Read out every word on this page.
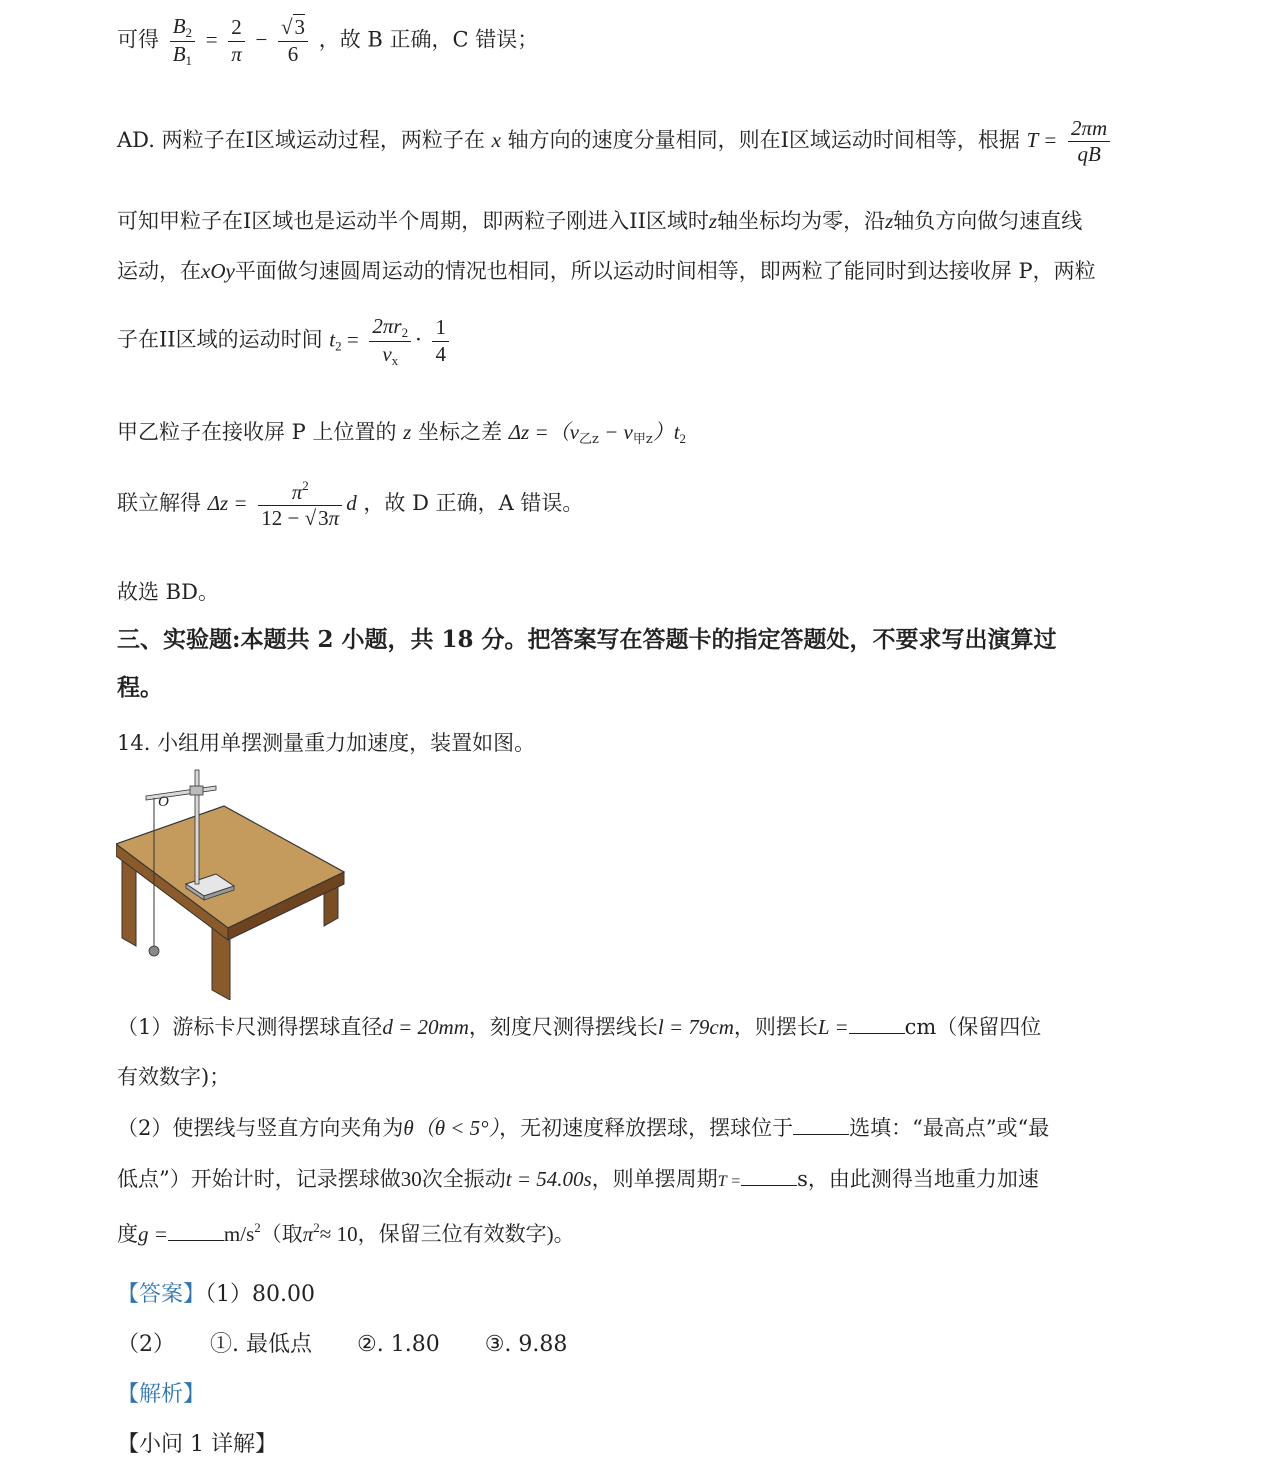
可得 $\frac{B_2}{B_1} = \frac{2}{\pi} - \frac{√3}{6}$ ，故 B 正确，C 错误；
AD. 两粒子在I区域运动过程，两粒子在 x 轴方向的速度分量相同，则在I区域运动时间相等，根据 $T = \frac{2\pi m}{qB}$
可知甲粒子在I区域也是运动半个周期，即两粒子刚进入II区域时z轴坐标均为零，沿z轴负方向做匀速直线
运动，在xOy平面做匀速圆周运动的情况也相同，所以运动时间相等，即两粒了能同时到达接收屏 P，两粒
子在II区域的运动时间 $t_2 = \frac{2\pi r_2}{v_x} \cdot \frac{1}{4}$
甲乙粒子在接收屏 P 上位置的 z 坐标之差 $\Delta z =(v_{乙z} - v_{甲z})t_2$
联立解得 $\Delta z = \frac{\pi^2}{12 - √3\pi}$ d ，故 D 正确，A 错误。
故选 BD。
三、实验题:本题共 2 小题，共 18 分。把答案写在答题卡的指定答题处，不要求写出演算过
程。
14. 小组用单摆测量重力加速度，装置如图。
O
（1）游标卡尺测得摆球直径d = 20mm，刻度尺测得摆线长l = 79cm，则摆长L =	cm（保留四位
有效数字)；
（2）使摆线与竖直方向夹角为θ（θ < 5°），无初速度释放摆球，摆球位于	选填：“最高点”或“最
低点”）开始计时，记录摆球做30次全振动t = 54.00s，则单摆周期T =	s，由此测得当地重力加速
度g =	$m/s^2$（取$\pi^2\approx 10$，保留三位有效数字)。
【答案】（1）80.00
（2） ①. 最低点 ②. 1.80 ③. 9.88
【解析】
【小问 1 详解】
